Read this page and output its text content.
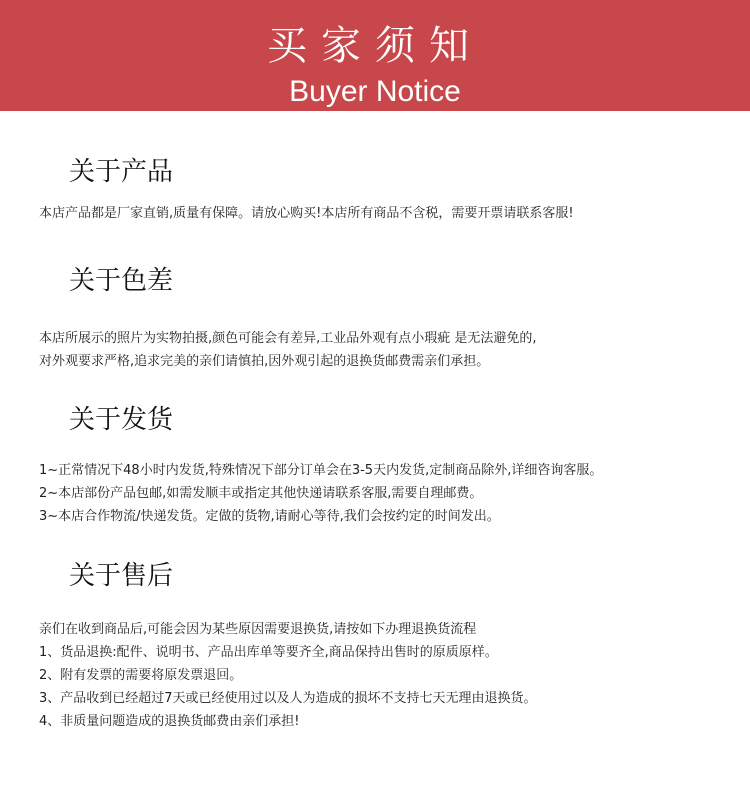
买家须知
Buyer Notice
关于产品
本店产品都是厂家直销,质量有保障。请放心购买!本店所有商品不含税，需要开票请联系客服!
关于色差
本店所展示的照片为实物拍摄,颜色可能会有差异,工业品外观有点小瑕疵 是无法避免的,
对外观要求严格,追求完美的亲们请慎拍,因外观引起的退换货邮费需亲们承担。
关于发货
1~正常情况下48小时内发货,特殊情况下部分订单会在3-5天内发货,定制商品除外,详细咨询客服。
2~本店部份产品包邮,如需发顺丰或指定其他快递请联系客服,需要自理邮费。
3~本店合作物流/快递发货。定做的货物,请耐心等待,我们会按约定的时间发出。
关于售后
亲们在收到商品后,可能会因为某些原因需要退换货,请按如下办理退换货流程
1、货品退换:配件、说明书、产品出库单等要齐全,商品保持出售时的原质原样。
2、附有发票的需要将原发票退回。
3、产品收到已经超过7天或已经使用过以及人为造成的损坏不支持七天无理由退换货。
4、非质量问题造成的退换货邮费由亲们承担!
